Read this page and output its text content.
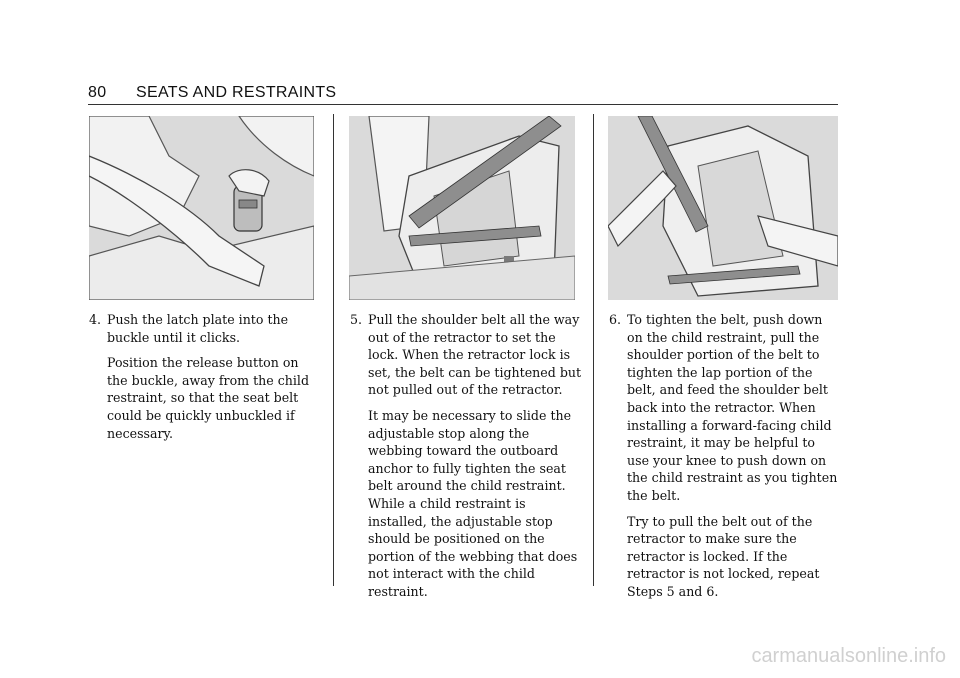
80 SEATS AND RESTRAINTS

4. Push the latch plate into the buckle until it clicks.

Position the release button on the buckle, away from the child restraint, so that the seat belt could be quickly unbuckled if necessary.

5. Pull the shoulder belt all the way out of the retractor to set the lock. When the retractor lock is set, the belt can be tightened but not pulled out of the retractor.

It may be necessary to slide the adjustable stop along the webbing toward the outboard anchor to fully tighten the seat belt around the child restraint. While a child restraint is installed, the adjustable stop should be positioned on the portion of the webbing that does not interact with the child restraint.

6. To tighten the belt, push down on the child restraint, pull the shoulder portion of the belt to tighten the lap portion of the belt, and feed the shoulder belt back into the retractor. When installing a forward-facing child restraint, it may be helpful to use your knee to push down on the child restraint as you tighten the belt.

Try to pull the belt out of the retractor to make sure the retractor is locked. If the retractor is not locked, repeat Steps 5 and 6.

carmanualsonline.info
